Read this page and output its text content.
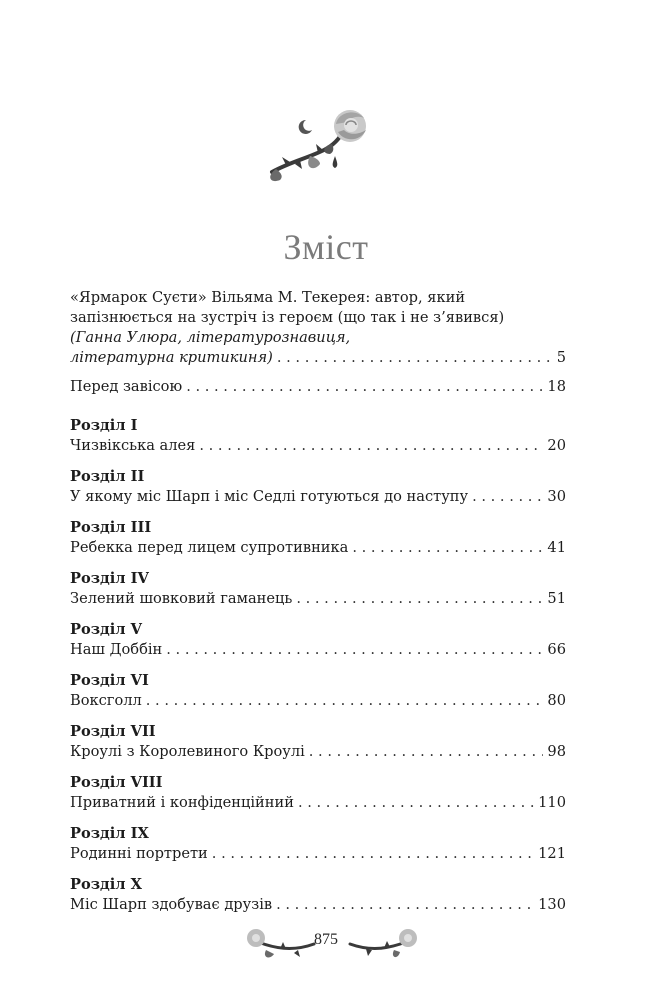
Зміст
«Ярмарок Суєти» Вільяма М. Текерея: автор, який
запізнюється на зустріч із героєм (що так і не з’явився)
(Ганна Улюра, літературознавиця,
літературна критикиня) . . .	5
Перед завісою . . .	18
Розділ I
Чизвікська алея . . .	20
Розділ II
У якому міс Шарп і міс Седлі готуються до наступу . . .	30
Розділ III
Ребекка перед лицем супротивника . . .	41
Розділ IV
Зелений шовковий гаманець . . .	51
Розділ V
Наш Доббін . . .	66
Розділ VI
Воксголл . . .	80
Розділ VII
Кроулі з Королевиного Кроулі . . .	98
Розділ VIII
Приватний і конфіденційний . . .	110
Розділ IX
Родинні портрети . . .	121
Розділ X
Міс Шарп здобуває друзів . . .	130
875
